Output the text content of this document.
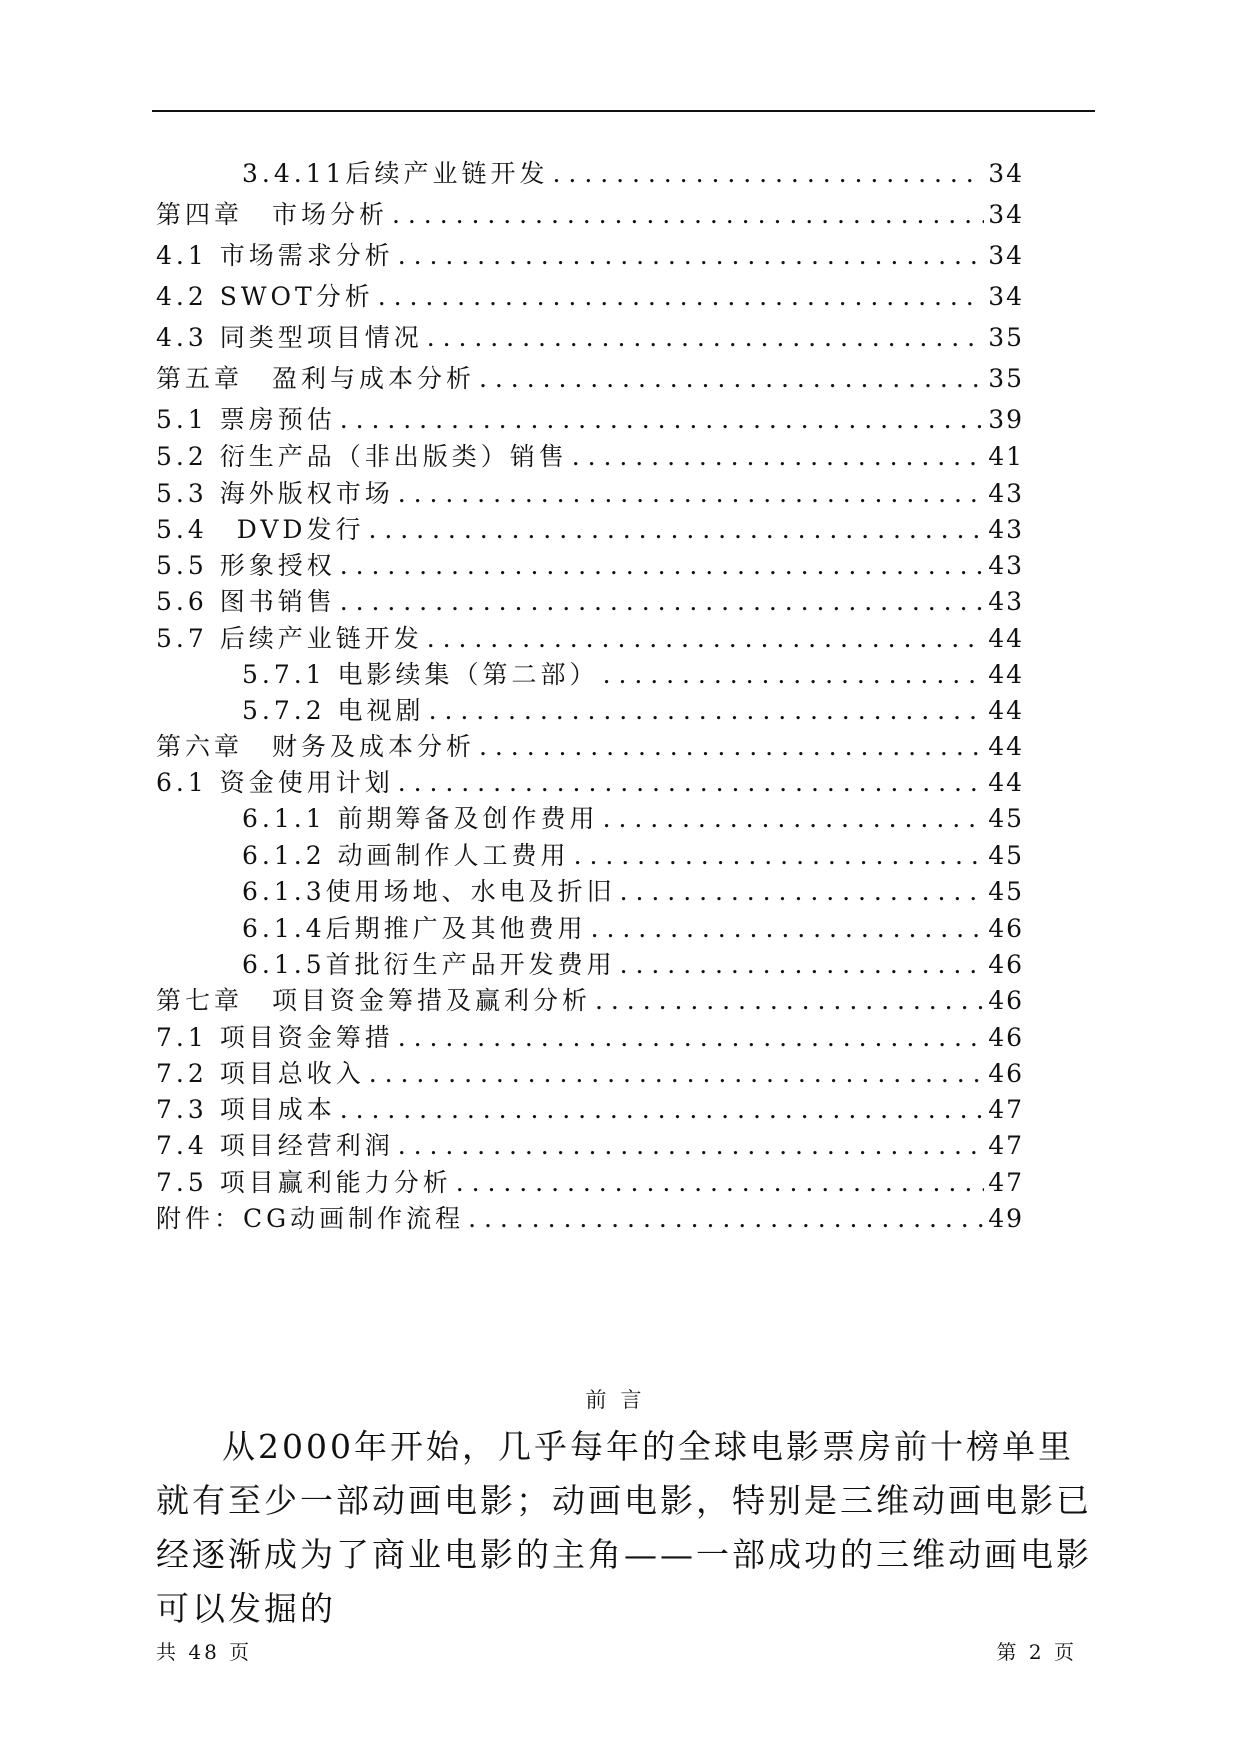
3.4.11后续产业链开发 . . .	34
第四章　市场分析 . . .	34
4.1 市场需求分析 . . .	34
4.2 SWOT分析 . . .	34
4.3 同类型项目情况 . . .	35
第五章　盈利与成本分析 . . .	35
5.1 票房预估 . . .	39
5.2 衍生产品（非出版类）销售 . . .	41
5.3 海外版权市场 . . .	43
5.4　DVD发行 . . .	43
5.5 形象授权 . . .	43
5.6 图书销售 . . .	43
5.7 后续产业链开发 . . .	44
5.7.1 电影续集（第二部） . . .	44
5.7.2 电视剧 . . .	44
第六章　财务及成本分析 . . .	44
6.1 资金使用计划 . . .	44
6.1.1 前期筹备及创作费用 . . .	45
6.1.2 动画制作人工费用 . . .	45
6.1.3使用场地、水电及折旧 . . .	45
6.1.4后期推广及其他费用 . . .	46
6.1.5首批衍生产品开发费用 . . .	46
第七章　项目资金筹措及赢利分析 . . .	46
7.1 项目资金筹措 . . .	46
7.2 项目总收入 . . .	46
7.3 项目成本 . . .	47
7.4 项目经营利润 . . .	47
7.5 项目赢利能力分析 . . .	47
附件：CG动画制作流程 . . .	49
前言

从2000年开始，几乎每年的全球电影票房前十榜单里就有至少一部动画电影；动画电影，特别是三维动画电影已经逐渐成为了商业电影的主角——一部成功的三维动画电影可以发掘的

共 48 页	第 2 页
